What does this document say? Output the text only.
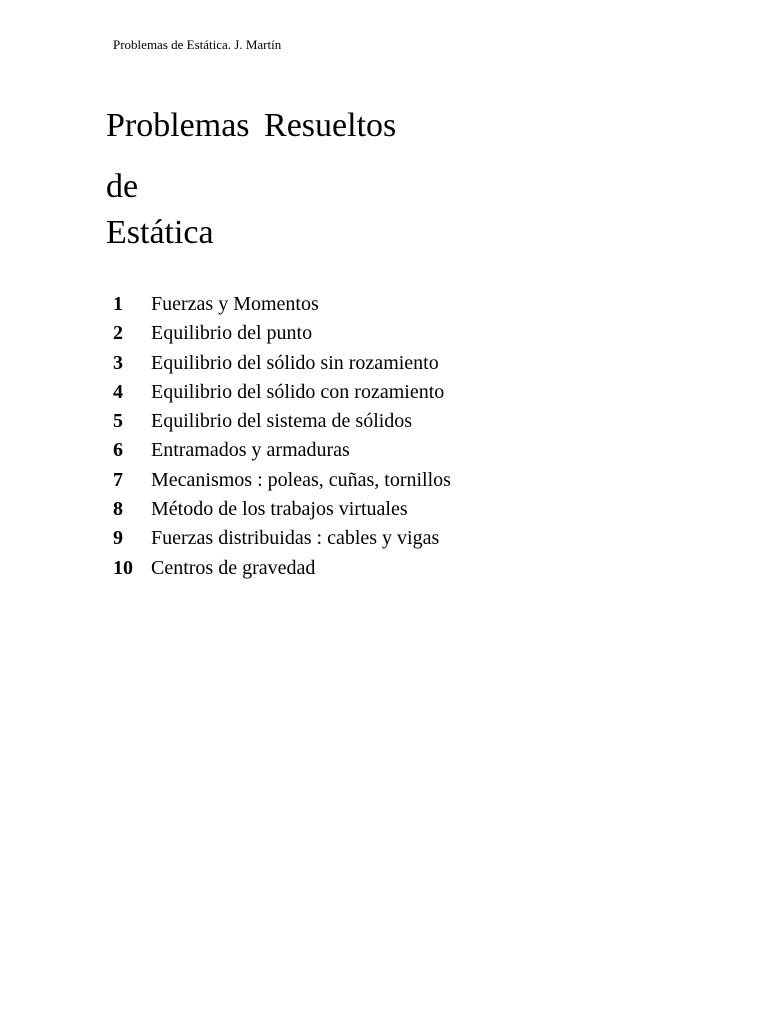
Problemas de Estática. J. Martín
Problemas Resueltos
de
Estática
1 Fuerzas y Momentos
2 Equilibrio del punto
3 Equilibrio del sólido sin rozamiento
4 Equilibrio del sólido con rozamiento
5 Equilibrio del sistema de sólidos
6 Entramados y armaduras
7 Mecanismos : poleas, cuñas, tornillos
8 Método de los trabajos virtuales
9 Fuerzas distribuidas : cables y vigas
10 Centros de gravedad
